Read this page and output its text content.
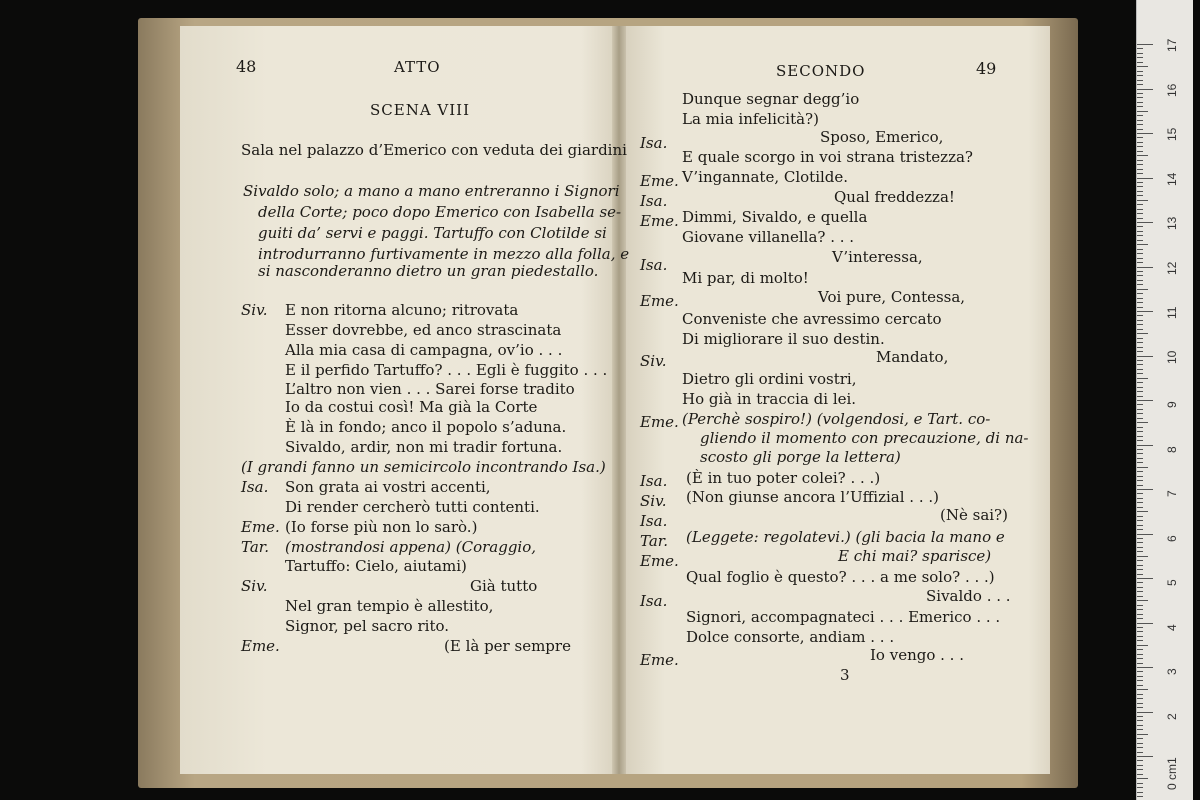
48	ATTO
SCENA VIII
Sala nel palazzo d’Emerico con veduta dei giardini
Sivaldo solo; a mano a mano entreranno i Signori
della Corte; poco dopo Emerico con Isabella se-
guiti da’ servi e paggi. Tartuffo con Clotilde si
introdurranno furtivamente in mezzo alla folla, e
si nasconderanno dietro un gran piedestallo.
Siv. E non ritorna alcuno; ritrovata
Esser dovrebbe, ed anco strascinata
Alla mia casa di campagna, ov’io . . .
E il perfido Tartuffo? . . . Egli è fuggito . . .
L’altro non vien . . . Sarei forse tradito
Io da costui così! Ma già la Corte
È là in fondo; anco il popolo s’aduna.
Sivaldo, ardir, non mi tradir fortuna.
(I grandi fanno un semicircolo incontrando Isa.)
Isa. Son grata ai vostri accenti,
Di render cercherò tutti contenti.
Eme. (Io forse più non lo sarò.)
Tar. (mostrandosi appena) (Coraggio,
Tartuffo: Cielo, aiutami)
Siv.	Già tutto
Nel gran tempio è allestito,
Signor, pel sacro rito.
Eme.	(E là per sempre
SECONDO	49
Dunque segnar degg’io
La mia infelicità?)
Isa.	Sposo, Emerico,
E quale scorgo in voi strana tristezza?
Eme. V’ingannate, Clotilde.
Isa.	Qual freddezza!
Eme. Dimmi, Sivaldo, e quella
Giovane villanella? . . .
Isa.	V’interessa,
Mi par, di molto!
Eme.	Voi pure, Contessa,
Conveniste che avressimo cercato
Di migliorare il suo destin.
Siv.	Mandato,
Dietro gli ordini vostri,
Ho già in traccia di lei.
Eme. (Perchè sospiro!) (volgendosi, e Tart. co-
gliendo il momento con precauzione, di na-
scosto gli porge la lettera)
Isa. (È in tuo poter colei? . . .)
Siv. (Non giunse ancora l’Uffizial . . .)
Isa.	(Nè sai?)
Tar. (Leggete: regolatevi.) (gli bacia la mano e
Eme.	E chi mai? sparisce)
Qual foglio è questo? . . . a me solo? . . .)
Isa.	Sivaldo . . .
Signori, accompagnateci . . . Emerico . . .
Dolce consorte, andiam . . .
Eme.	Io vengo . . .
3
17
16
15
14
13
12
11
10
9
8
7
6
5
4
3
2
1
0 cm
